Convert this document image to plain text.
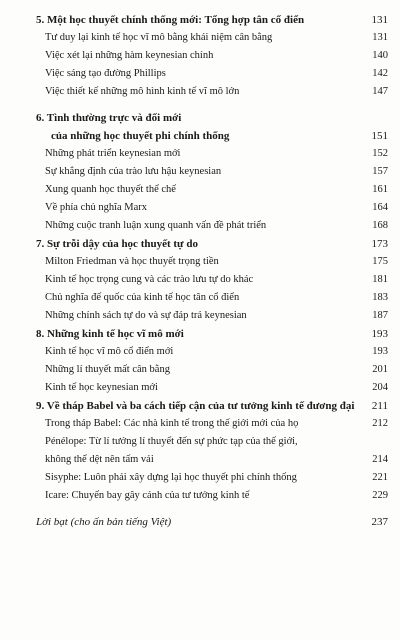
5. Một học thuyết chính thống mới: Tổng hợp tân cổ điển	131
Tư duy lại kinh tế học vĩ mô bằng khái niệm cân bằng	131
Việc xét lại những hàm keynesian chính	140
Việc sáng tạo đường Phillips	142
Việc thiết kế những mô hình kinh tế vĩ mô lớn	147
6. Tình thường trực và đổi mới
của những học thuyết phi chính thống	151
Những phát triển keynesian mới	152
Sự khẳng định của trào lưu hậu keynesian	157
Xung quanh học thuyết thể chế	161
Về phía chủ nghĩa Marx	164
Những cuộc tranh luận xung quanh vấn đề phát triển	168
7. Sự trỗi dậy của học thuyết tự do	173
Milton Friedman và học thuyết trọng tiền	175
Kinh tế học trọng cung và các trào lưu tự do khác	181
Chủ nghĩa đế quốc của kinh tế học tân cổ điển	183
Những chính sách tự do và sự đáp trả keynesian	187
8. Những kinh tế học vĩ mô mới	193
Kinh tế học vĩ mô cổ điển mới	193
Những lí thuyết mất cân bằng	201
Kinh tế học keynesian mới	204
9. Về tháp Babel và ba cách tiếp cận của tư tưởng kinh tế đương đại 211
Trong tháp Babel: Các nhà kinh tế trong thế giới mới của họ	212
Pénélope: Từ lí tưởng lí thuyết đến sự phức tạp của thế giới,
không thể dệt nên tấm vải	214
Sisyphe: Luôn phải xây dựng lại học thuyết phi chính thống	221
Icare: Chuyến bay gây cảnh của tư tưởng kinh tế	229
Lời bạt (cho ấn bản tiếng Việt)	237
